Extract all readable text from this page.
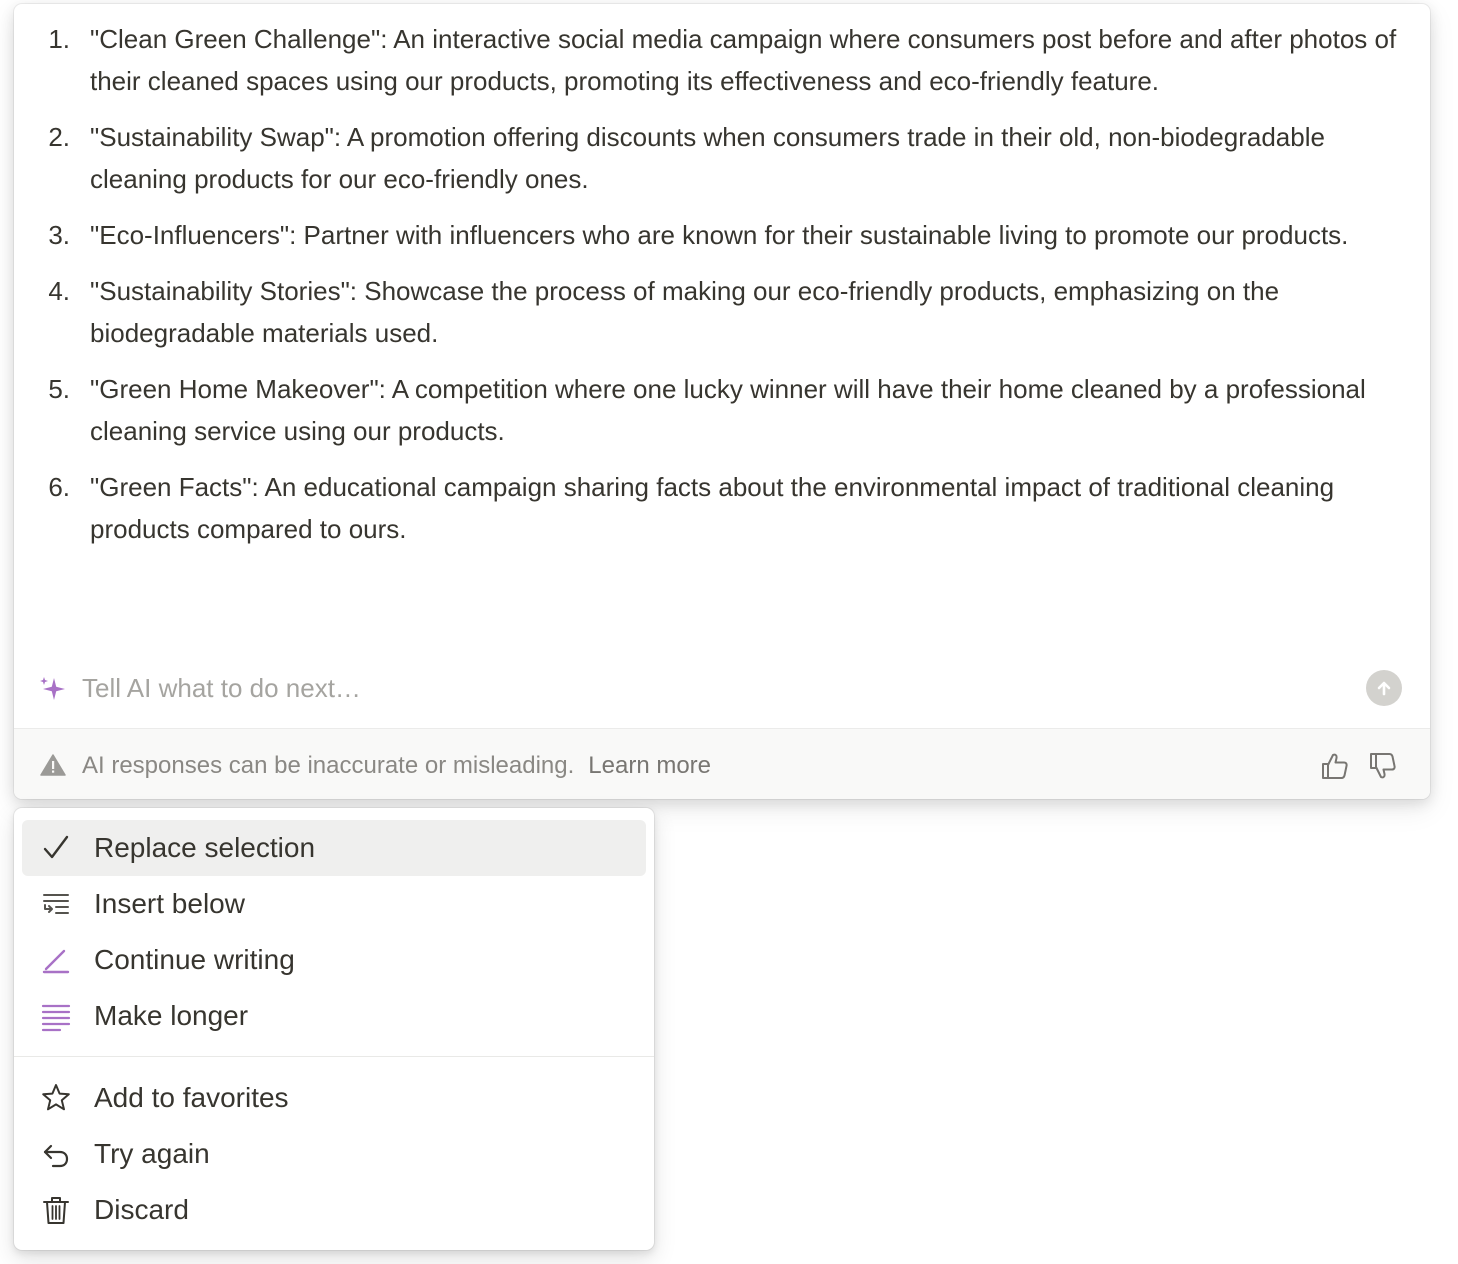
1. "Clean Green Challenge": An interactive social media campaign where consumers post before and after photos of their cleaned spaces using our products, promoting its effectiveness and eco-friendly feature.
2. "Sustainability Swap": A promotion offering discounts when consumers trade in their old, non-biodegradable cleaning products for our eco-friendly ones.
3. "Eco-Influencers": Partner with influencers who are known for their sustainable living to promote our products.
4. "Sustainability Stories": Showcase the process of making our eco-friendly products, emphasizing on the biodegradable materials used.
5. "Green Home Makeover": A competition where one lucky winner will have their home cleaned by a professional cleaning service using our products.
6. "Green Facts": An educational campaign sharing facts about the environmental impact of traditional cleaning products compared to ours.
Tell AI what to do next…
AI responses can be inaccurate or misleading. Learn more
Replace selection
Insert below
Continue writing
Make longer
Add to favorites
Try again
Discard
